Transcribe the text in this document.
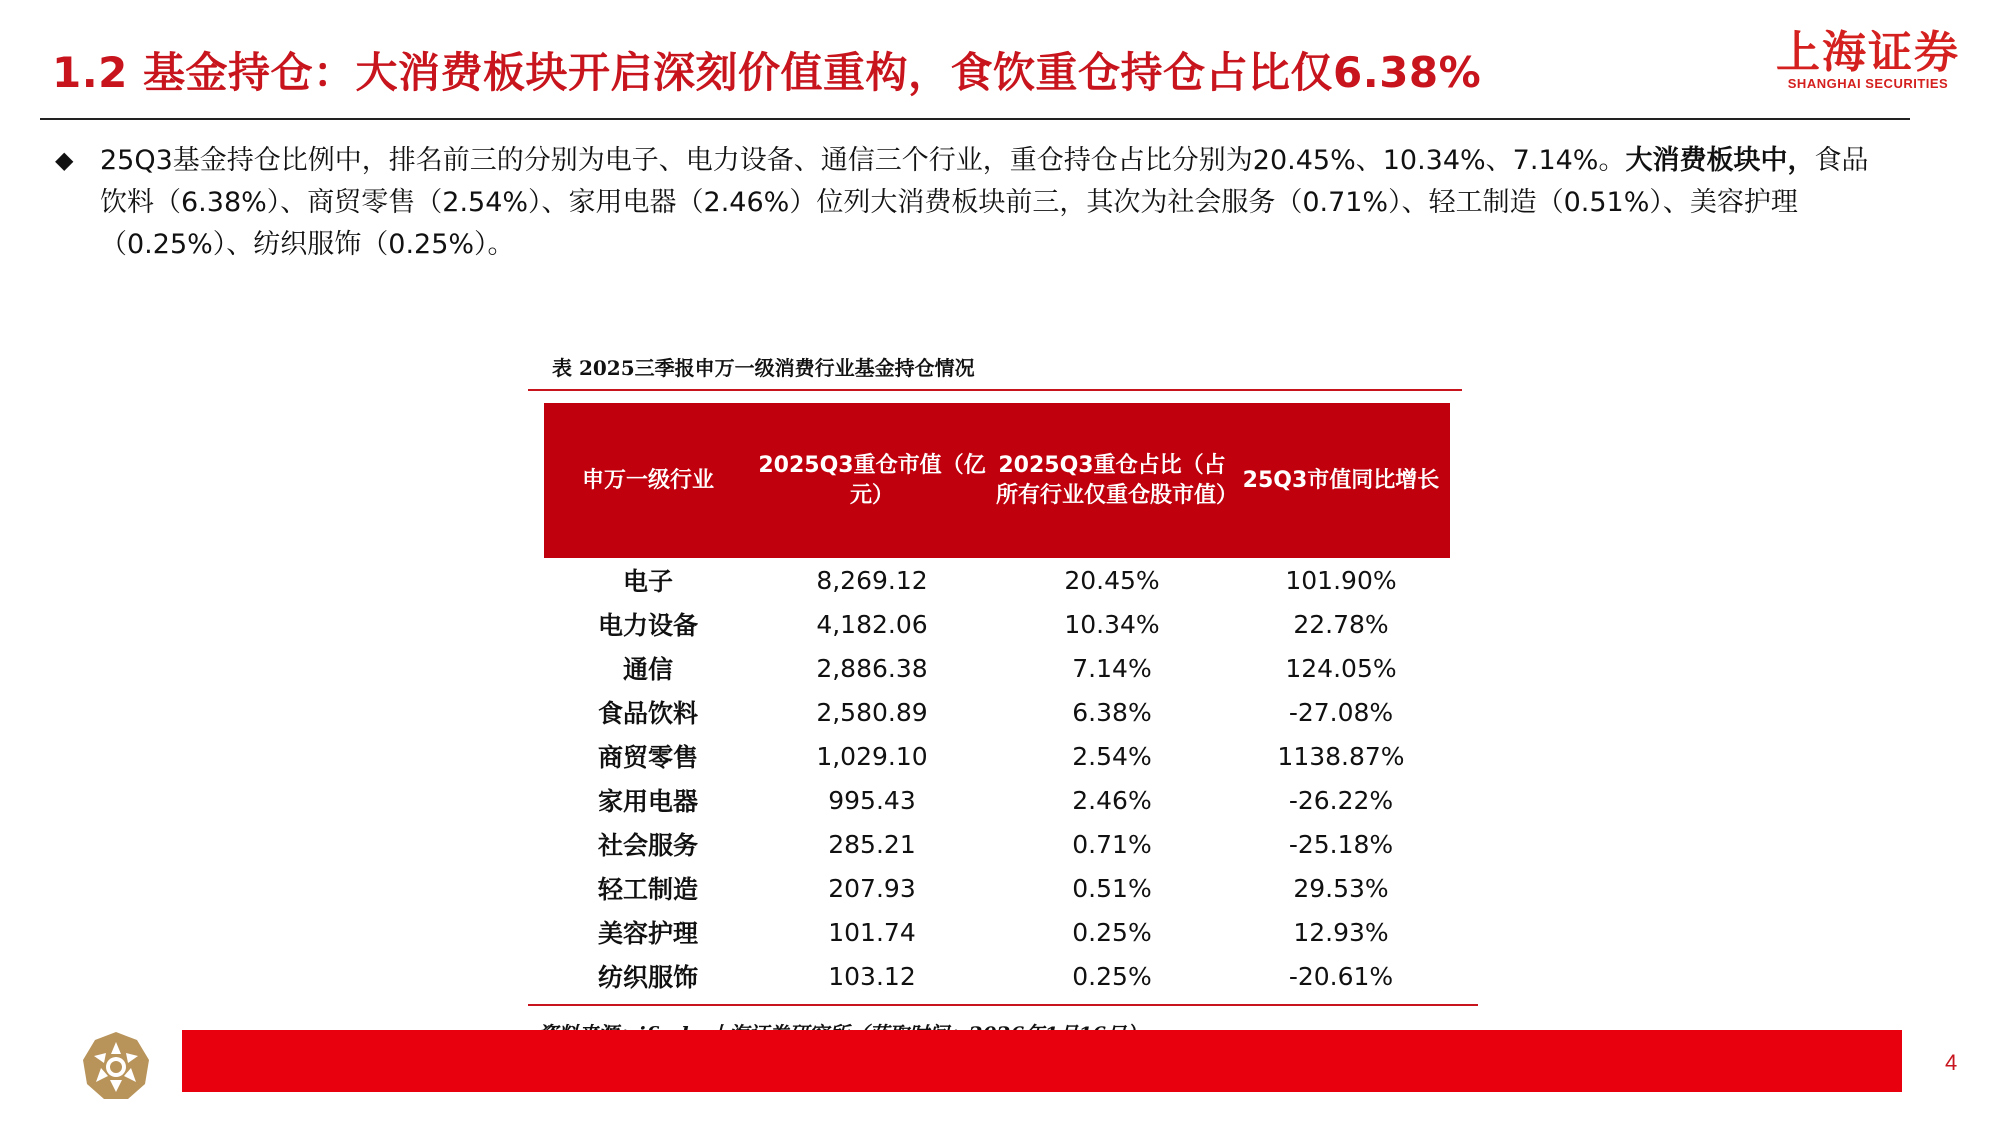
1.2 基金持仓：大消费板块开启深刻价值重构，食饮重仓持仓占比仅6.38%	上海证券
SHANGHAI SECURITIES
◆ 25Q3基金持仓比例中，排名前三的分别为电子、电力设备、通信三个行业，重仓持仓占比分别为20.45%、10.34%、7.14%。大消费板块中，食品饮料（6.38%）、商贸零售（2.54%）、家用电器（2.46%）位列大消费板块前三，其次为社会服务（0.71%）、轻工制造（0.51%）、美容护理（0.25%）、纺织服饰（0.25%）。
表 2025三季报申万一级消费行业基金持仓情况
申万一级行业	2025Q3重仓市值（亿元）	2025Q3重仓占比（占所有行业仅重仓股市值）	25Q3市值同比增长
电子	8,269.12	20.45%	101.90%
电力设备	4,182.06	10.34%	22.78%
通信	2,886.38	7.14%	124.05%
食品饮料	2,580.89	6.38%	-27.08%
商贸零售	1,029.10	2.54%	1138.87%
家用电器	995.43	2.46%	-26.22%
社会服务	285.21	0.71%	-25.18%
轻工制造	207.93	0.51%	29.53%
美容护理	101.74	0.25%	12.93%
纺织服饰	103.12	0.25%	-20.61%
4
